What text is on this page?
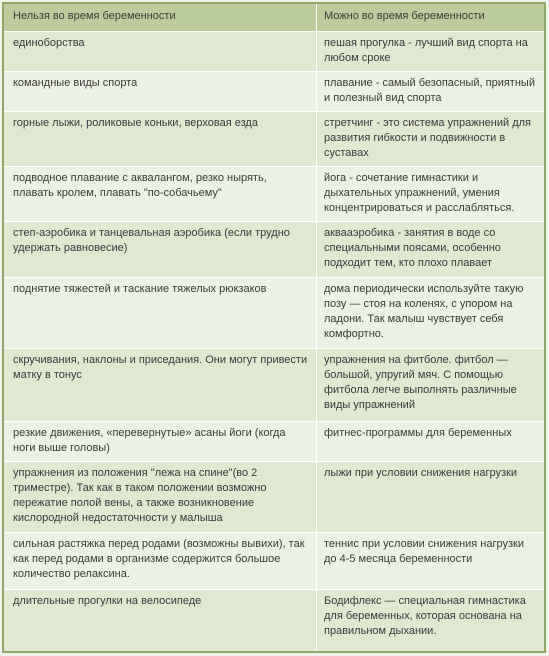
Нельзя во время беременности	Можно во время беременности
единоборства	пешая прогулка - лучший вид спорта на любом сроке
командные виды спорта	плавание - самый безопасный, приятный и полезный вид спорта
горные лыжи, роликовые коньки, верховая езда	стретчинг - это система упражнений для развития гибкости и подвижности в суставах
подводное плавание с аквалангом, резко нырять, плавать кролем, плавать "по-собачьему"	йога - сочетание гимнастики и дыхательных упражнений, умения концентрироваться и расслабляться.
степ-аэробика и танцевальная аэробика (если трудно удержать равновесие)	аквааэробика - занятия в воде со специальными поясами, особенно подходит тем, кто плохо плавает
поднятие тяжестей и таскание тяжелых рюкзаков	дома периодически используйте такую позу — стоя на коленях, с упором на ладони. Так малыш чувствует себя комфортно.
скручивания, наклоны и приседания. Они могут привести матку в тонус	упражнения на фитболе. фитбол — большой, упругий мяч. С помощью фитбола легче выполнять различные виды упражнений
резкие движения, «перевернутые» асаны йоги (когда ноги выше головы)	фитнес-программы для беременных
упражнения из положения "лежа на спине"(во 2 триместре). Так как в таком положении возможно пережатие полой вены, а также возникновение кислородной недостаточности у малыша	лыжи при условии снижения нагрузки
сильная растяжка перед родами (возможны вывихи), так как перед родами в организме содержится большое количество релаксина.	теннис при условии снижения нагрузки до 4-5 месяца беременности
длительные прогулки на велосипеде	Бодифлекс — специальная гимнастика для беременных, которая основана на правильном дыхании.
